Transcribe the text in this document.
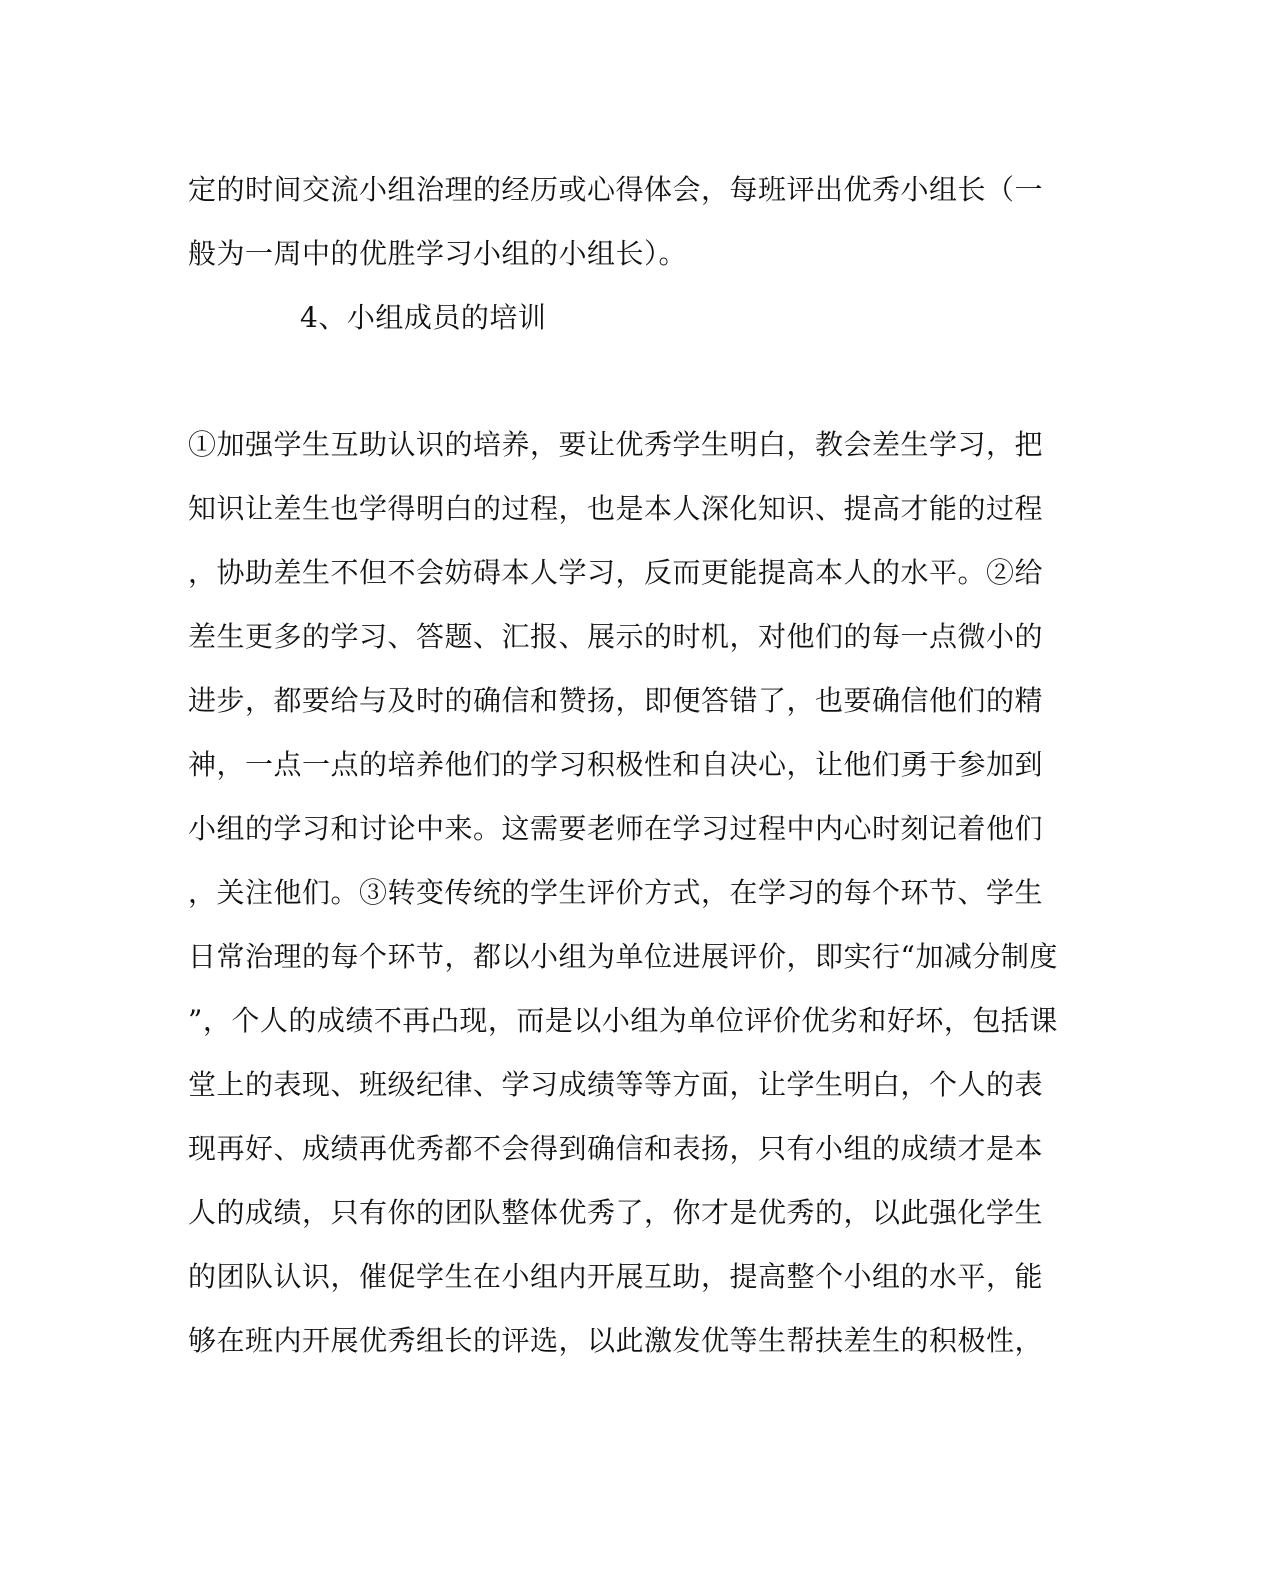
定的时间交流小组治理的经历或心得体会，每班评出优秀小组长（一
般为一周中的优胜学习小组的小组长）。
4、小组成员的培训
①加强学生互助认识的培养，要让优秀学生明白，教会差生学习，把
知识让差生也学得明白的过程，也是本人深化知识、提高才能的过程
，协助差生不但不会妨碍本人学习，反而更能提高本人的水平。②给
差生更多的学习、答题、汇报、展示的时机，对他们的每一点微小的
进步，都要给与及时的确信和赞扬，即便答错了，也要确信他们的精
神，一点一点的培养他们的学习积极性和自决心，让他们勇于参加到
小组的学习和讨论中来。这需要老师在学习过程中内心时刻记着他们
，关注他们。③转变传统的学生评价方式，在学习的每个环节、学生
日常治理的每个环节，都以小组为单位进展评价，即实行“加减分制度
”，个人的成绩不再凸现，而是以小组为单位评价优劣和好坏，包括课
堂上的表现、班级纪律、学习成绩等等方面，让学生明白，个人的表
现再好、成绩再优秀都不会得到确信和表扬，只有小组的成绩才是本
人的成绩，只有你的团队整体优秀了，你才是优秀的，以此强化学生
的团队认识，催促学生在小组内开展互助，提高整个小组的水平，能
够在班内开展优秀组长的评选，以此激发优等生帮扶差生的积极性，
